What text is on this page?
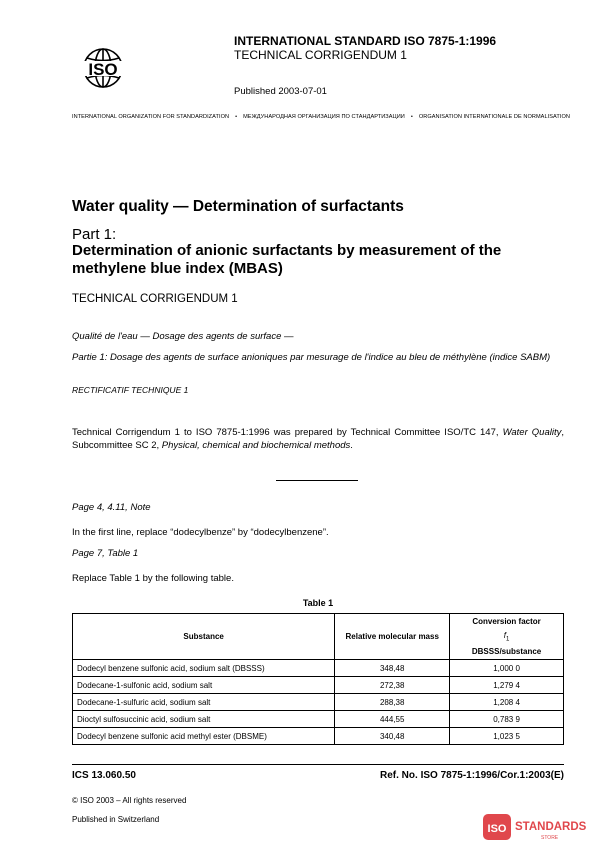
ISO
INTERNATIONAL STANDARD ISO 7875-1:1996
TECHNICAL CORRIGENDUM 1
Published 2003-07-01
INTERNATIONAL ORGANIZATION FOR STANDARDIZATION • МЕЖДУНАРОДНАЯ ОРГАНИЗАЦИЯ ПО СТАНДАРТИЗАЦИИ • ORGANISATION INTERNATIONALE DE NORMALISATION
Water quality — Determination of surfactants
Part 1:
Determination of anionic surfactants by measurement of the methylene blue index (MBAS)
TECHNICAL CORRIGENDUM 1
Qualité de l'eau — Dosage des agents de surface —
Partie 1: Dosage des agents de surface anioniques par mesurage de l'indice au bleu de méthylène (indice SABM)
RECTIFICATIF TECHNIQUE 1
Technical Corrigendum 1 to ISO 7875-1:1996 was prepared by Technical Committee ISO/TC 147, Water Quality, Subcommittee SC 2, Physical, chemical and biochemical methods.
Page 4, 4.11, Note
In the first line, replace “dodecylbenze” by “dodecylbenzene”.
Page 7, Table 1
Replace Table 1 by the following table.
Table 1
Substance	Relative molecular mass	Conversion factor
$f_1$
DBSSS/substance

Dodecyl benzene sulfonic acid, sodium salt (DBSSS)	348,48	1,000 0
Dodecane-1-sulfonic acid, sodium salt	272,38	1,279 4
Dodecane-1-sulfuric acid, sodium salt	288,38	1,208 4
Dioctyl sulfosuccinic acid, sodium salt	444,55	0,783 9
Dodecyl benzene sulfonic acid methyl ester (DBSME)	340,48	1,023 5
ICS 13.060.50	Ref. No. ISO 7875-1:1996/Cor.1:2003(E)
© ISO 2003 – All rights reserved
Published in Switzerland
ISO STANDARDS
STORE
